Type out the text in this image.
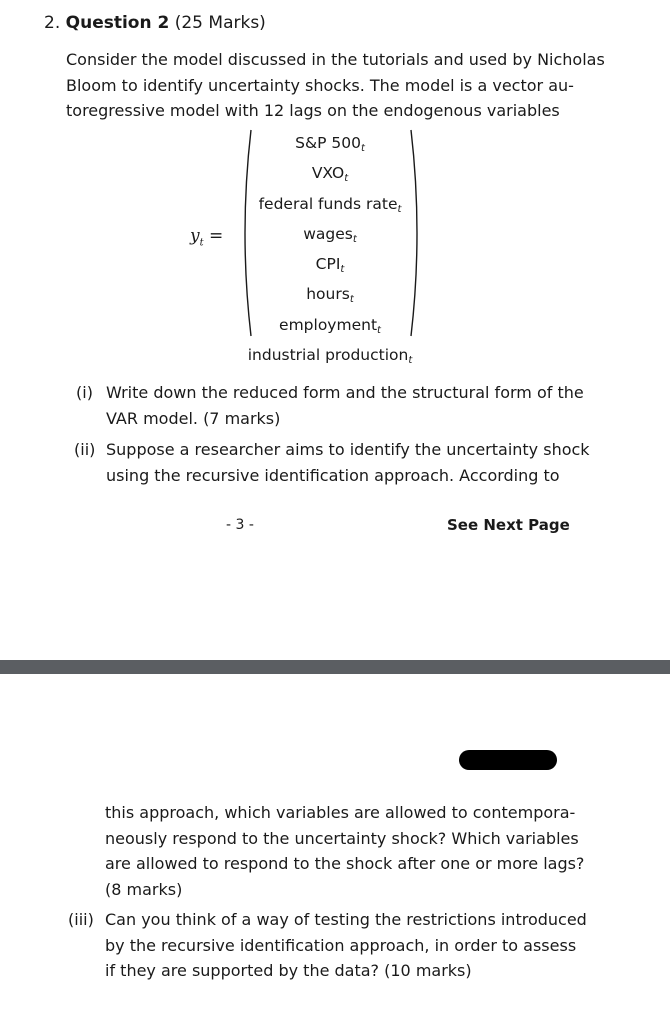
2. Question 2 (25 Marks)
Consider the model discussed in the tutorials and used by Nicholas
Bloom to identify uncertainty shocks. The model is a vector au-
toregressive model with 12 lags on the endogenous variables
$y_t$ =
S&P $500_t$
$VXO_t$
federal funds rate$_t$
wages$_t$
$CPI_t$
hours$_t$
employment$_t$
industrial production$_t$
(i) Write down the reduced form and the structural form of the
VAR model. (7 marks)
(ii) Suppose a researcher aims to identify the uncertainty shock
using the recursive identification approach. According to
- 3 -	See Next Page
this approach, which variables are allowed to contempora-
neously respond to the uncertainty shock? Which variables
are allowed to respond to the shock after one or more lags?
(8 marks)
(iii) Can you think of a way of testing the restrictions introduced
by the recursive identification approach, in order to assess
if they are supported by the data? (10 marks)
